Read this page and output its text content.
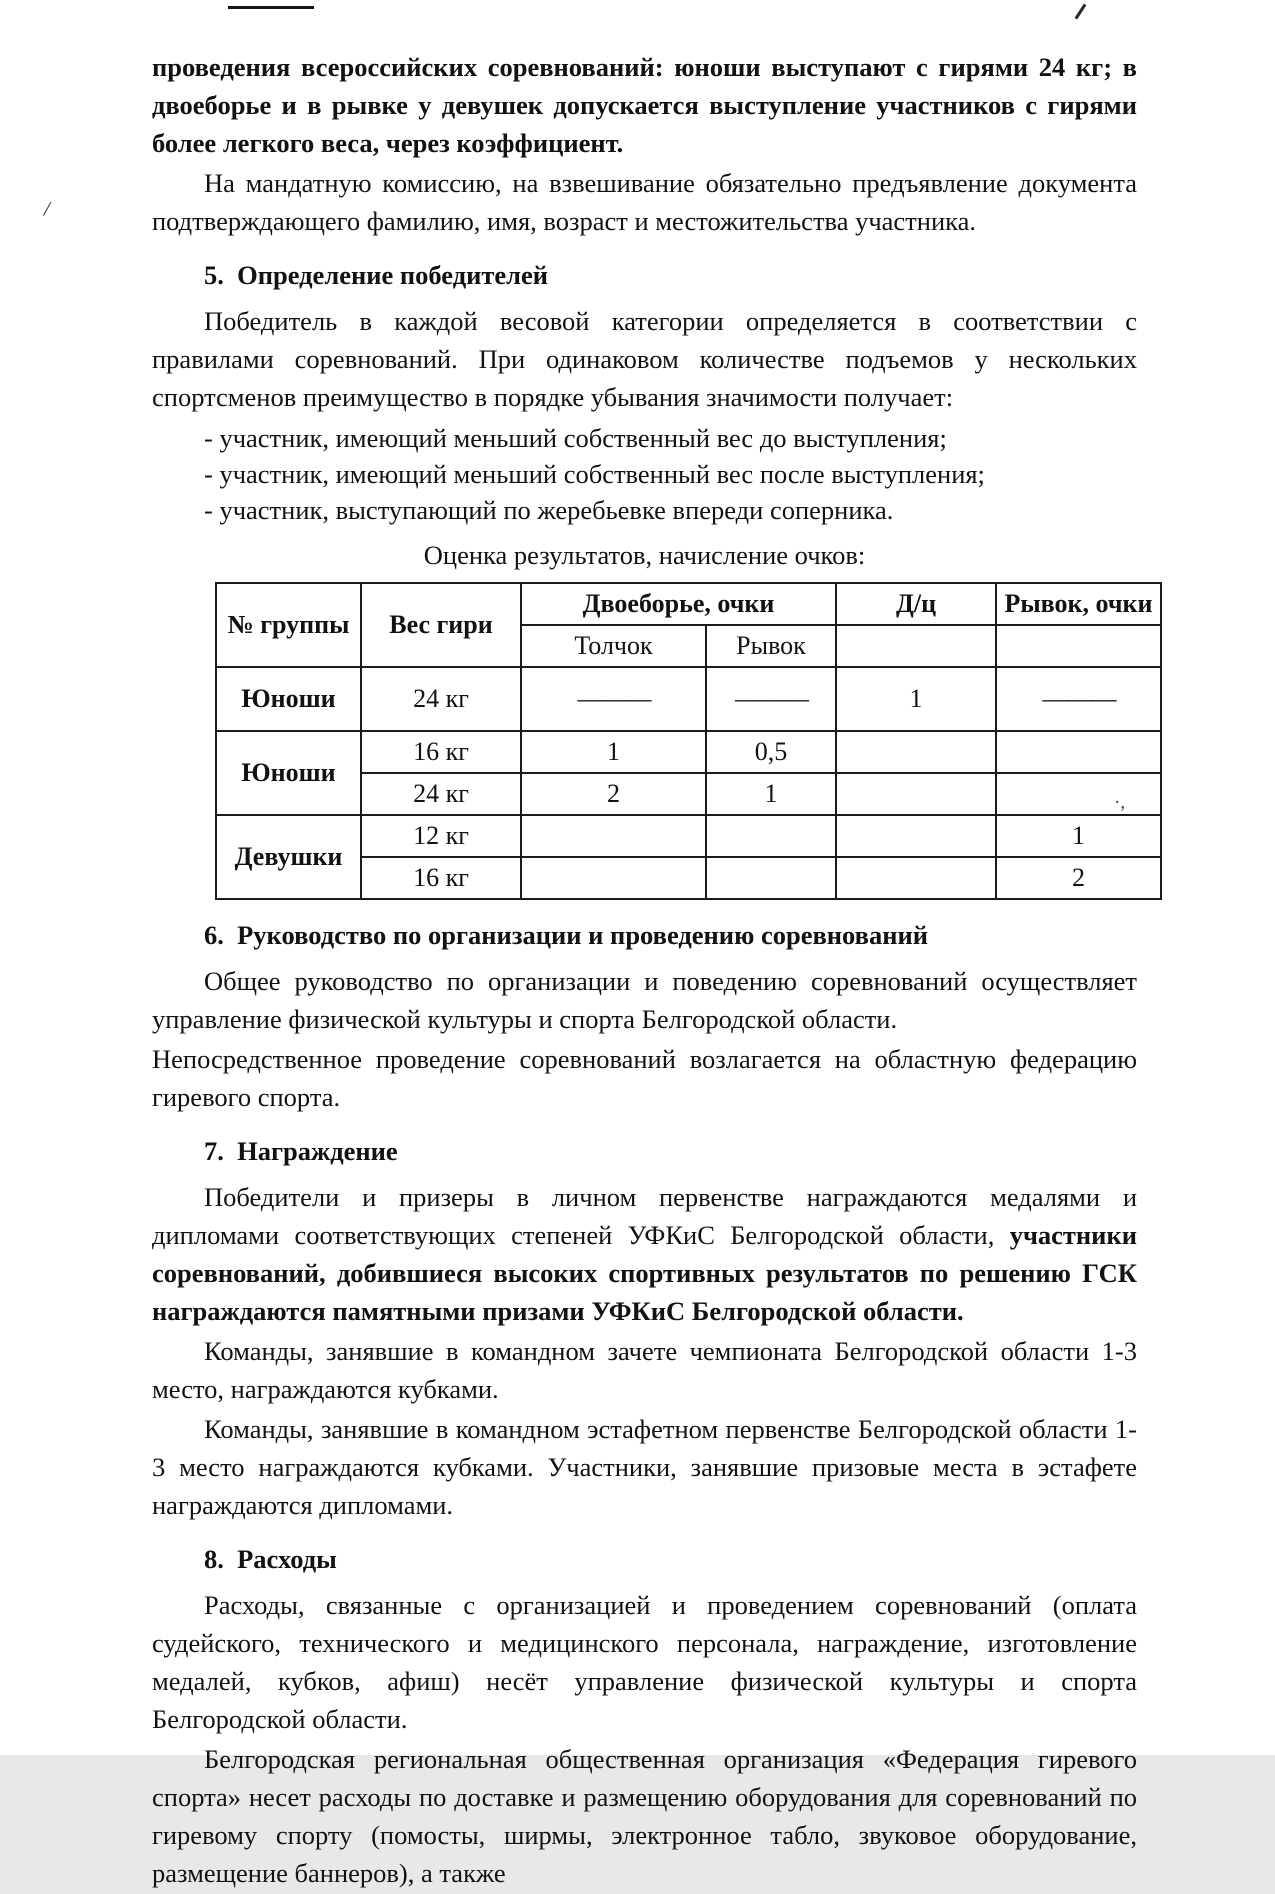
/
·,

проведения всероссийских соревнований: юноши выступают с гирями 24 кг; в двоеборье и в рывке у девушек допускается выступление участников с гирями более легкого веса, через коэффициент.

На мандатную комиссию, на взвешивание обязательно предъявление документа подтверждающего фамилию, имя, возраст и местожительства участника.

5.  Определение победителей

Победитель в каждой весовой категории определяется в соответствии с правилами соревнований. При одинаковом количестве подъемов у нескольких спортсменов преимущество в порядке убывания значимости получает:

- участник, имеющий меньший собственный вес до выступления;

- участник, имеющий меньший собственный вес после выступления;

- участник, выступающий по жеребьевке впереди соперника.

Оценка результатов, начисление очков:

№ группы	Вес гири	Двоеборье, очки		Д/ц	Рывок, очки
		Толчок	Рывок		
Юноши	24 кг	———	———	1	———
Юноши	16 кг	1	0,5		
	24 кг	2	1		
Девушки	12 кг				1
	16 кг				2
6.  Руководство по организации и проведению соревнований

Общее руководство по организации и поведению соревнований осуществляет управление физической культуры и спорта Белгородской области.

Непосредственное проведение соревнований возлагается на областную федерацию гиревого спорта.

7.  Награждение

Победители и призеры в личном первенстве награждаются медалями и дипломами соответствующих степеней УФКиС Белгородской области, участники соревнований, добившиеся высоких спортивных результатов по решению ГСК награждаются памятными призами УФКиС Белгородской области.

Команды, занявшие в командном зачете чемпионата Белгородской области 1-3 место, награждаются кубками.

Команды, занявшие в командном эстафетном первенстве Белгородской области 1-3 место награждаются кубками. Участники, занявшие призовые места в эстафете награждаются дипломами.

8.  Расходы

Расходы, связанные с организацией и проведением соревнований (оплата судейского, технического и медицинского персонала, награждение, изготовление медалей, кубков, афиш) несёт управление физической культуры и спорта Белгородской области.

Белгородская региональная общественная организация «Федерация гиревого спорта» несет расходы по доставке и размещению оборудования для соревнований по гиревому спорту (помосты, ширмы, электронное табло, звуковое оборудование, размещение баннеров), а также
